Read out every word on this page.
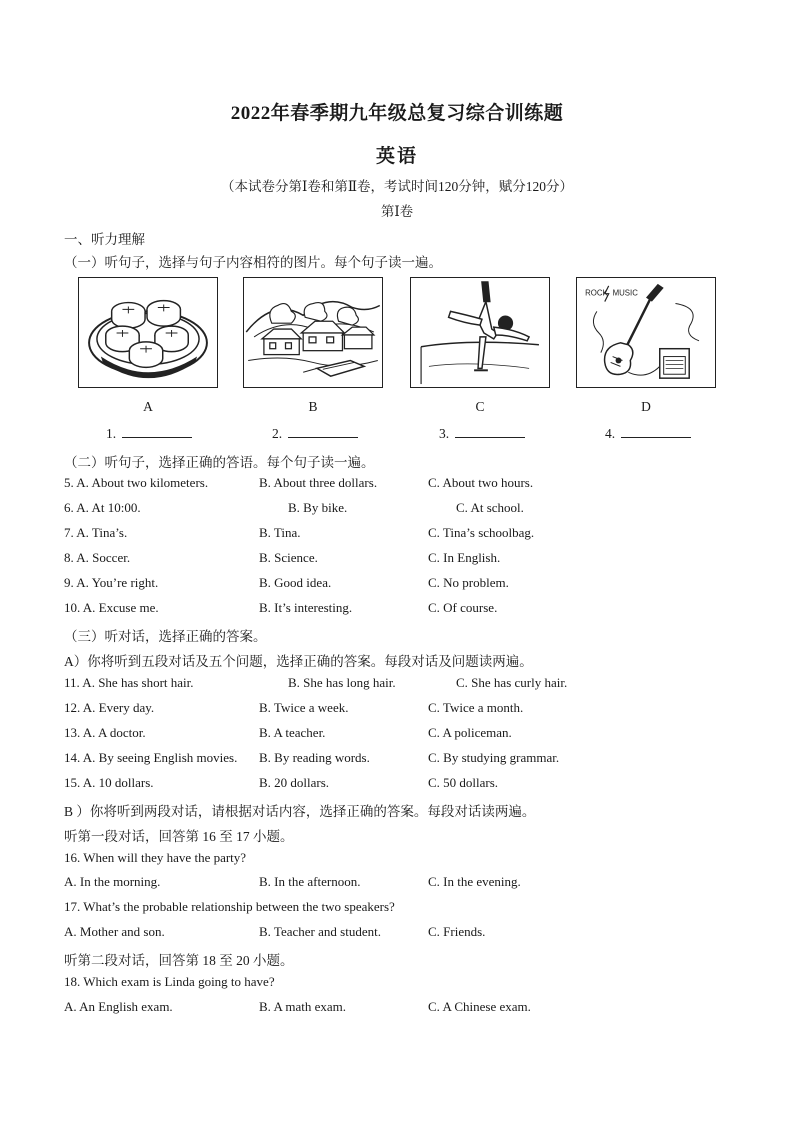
2022年春季期九年级总复习综合训练题
英语
（本试卷分第Ⅰ卷和第Ⅱ卷，考试时间120分钟，赋分120分）
第Ⅰ卷
一、听力理解
（一）听句子，选择与句子内容相符的图片。每个句子读一遍。
ROCK MUSIC
A	B	C	D
1.	2.	3.	4.
（二）听句子，选择正确的答语。每个句子读一遍。
5. A. About two kilometers.	B. About three dollars.	C. About two hours.
6. A. At 10:00.	B. By bike.	C. At school.
7. A. Tina’s.	B. Tina.	C. Tina’s schoolbag.
8. A. Soccer.	B. Science.	C. In English.
9. A. You’re right.	B. Good idea.	C. No problem.
10. A. Excuse me.	B. It’s interesting.	C. Of course.
（三）听对话，选择正确的答案。
A）你将听到五段对话及五个问题，选择正确的答案。每段对话及问题读两遍。
11. A. She has short hair.	B. She has long hair.	C. She has curly hair.
12. A. Every day.	B. Twice a week.	C. Twice a month.
13. A. A doctor.	B. A teacher.	C. A policeman.
14. A. By seeing English movies. B. By reading words.	C. By studying grammar.
15. A. 10 dollars.	B. 20 dollars.	C. 50 dollars.
B ）你将听到两段对话，请根据对话内容，选择正确的答案。每段对话读两遍。
听第一段对话，回答第 16 至 17 小题。
16. When will they have the party?
A. In the morning.	B. In the afternoon.	C. In the evening.
17. What’s the probable relationship between the two speakers?
A. Mother and son.	B. Teacher and student.	C. Friends.
听第二段对话，回答第 18 至 20 小题。
18. Which exam is Linda going to have?
A. An English exam.	B. A math exam.	C. A Chinese exam.
